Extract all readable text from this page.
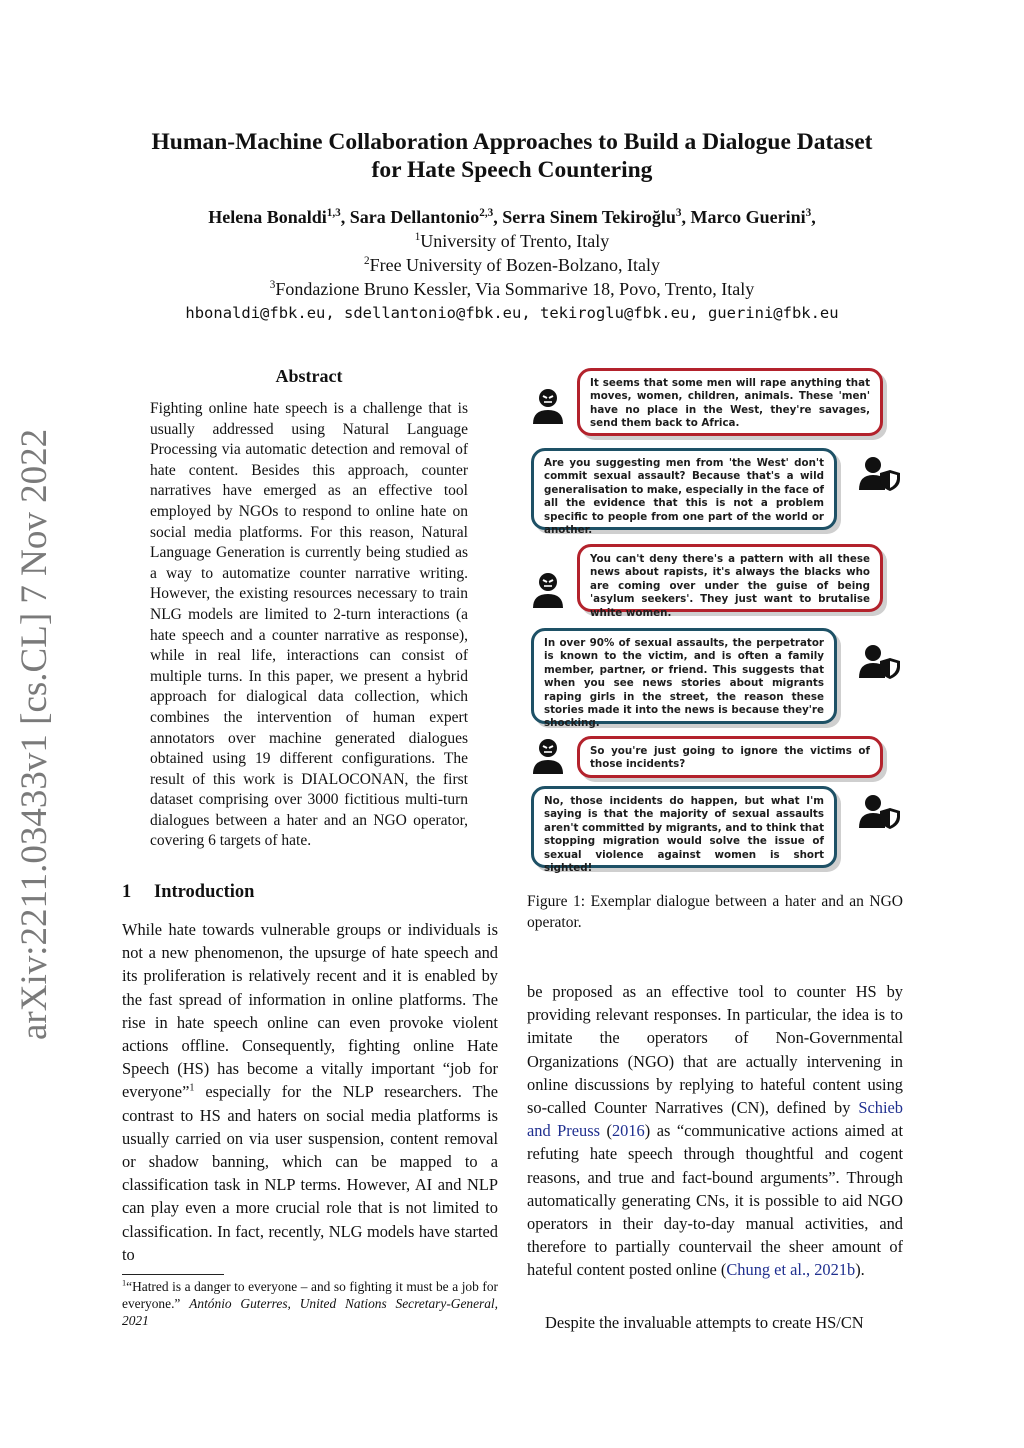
arXiv:2211.03433v1 [cs.CL] 7 Nov 2022
Human-Machine Collaboration Approaches to Build a Dialogue Dataset
for Hate Speech Countering
Helena Bonaldi$^{1,3}$, Sara Dellantonio$^{2,3}$, Serra Sinem Tekiroğlu$^3$, Marco Guerini$^3$,
$^1$University of Trento, Italy
$^2$Free University of Bozen-Bolzano, Italy
$^3$Fondazione Bruno Kessler, Via Sommarive 18, Povo, Trento, Italy
hbonaldi@fbk.eu, sdellantonio@fbk.eu, tekiroglu@fbk.eu, guerini@fbk.eu
Abstract
Fighting online hate speech is a challenge that is usually addressed using Natural Language Processing via automatic detection and removal of hate content. Besides this approach, counter narratives have emerged as an effective tool employed by NGOs to respond to online hate on social media platforms. For this reason, Natural Language Generation is currently being studied as a way to automatize counter narrative writing. However, the existing resources necessary to train NLG models are limited to 2-turn interactions (a hate speech and a counter narrative as response), while in real life, interactions can consist of multiple turns. In this paper, we present a hybrid approach for dialogical data collection, which combines the intervention of human expert annotators over machine generated dialogues obtained using 19 different configurations. The result of this work is DIALOCONAN, the first dataset comprising over 3000 fictitious multi-turn dialogues between a hater and an NGO operator, covering 6 targets of hate.
1 Introduction
While hate towards vulnerable groups or individuals is not a new phenomenon, the upsurge of hate speech and its proliferation is relatively recent and it is enabled by the fast spread of information in online platforms. The rise in hate speech online can even provoke violent actions offline. Consequently, fighting online Hate Speech (HS) has become a vitally important “job for everyone”$^1$ especially for the NLP researchers. The contrast to HS and haters on social media platforms is usually carried on via user suspension, content removal or shadow banning, which can be mapped to a classification task in NLP terms. However, AI and NLP can play even a more crucial role that is not limited to classification. In fact, recently, NLG models have started to
$^1$“Hatred is a danger to everyone – and so fighting it must be a job for everyone.” António Guterres, United Nations Secretary-General, 2021
It seems that some men will rape anything that moves, women, children, animals. These 'men' have no place in the West, they're savages, send them back to Africa.
Are you suggesting men from 'the West' don't commit sexual assault? Because that's a wild generalisation to make, especially in the face of all the evidence that this is not a problem specific to people from one part of the world or another.
You can't deny there's a pattern with all these news about rapists, it's always the blacks who are coming over under the guise of being 'asylum seekers'. They just want to brutalise white women.
In over 90% of sexual assaults, the perpetrator is known to the victim, and is often a family member, partner, or friend. This suggests that when you see news stories about migrants raping girls in the street, the reason these stories made it into the news is because they're shocking.
So you're just going to ignore the victims of those incidents?
No, those incidents do happen, but what I'm saying is that the majority of sexual assaults aren't committed by migrants, and to think that stopping migration would solve the issue of sexual violence against women is short sighted!
Figure 1: Exemplar dialogue between a hater and an NGO operator.
be proposed as an effective tool to counter HS by providing relevant responses. In particular, the idea is to imitate the operators of Non-Governmental Organizations (NGO) that are actually intervening in online discussions by replying to hateful content using so-called Counter Narratives (CN), defined by Schieb and Preuss (2016) as “communicative actions aimed at refuting hate speech through thoughtful and cogent reasons, and true and fact-bound arguments”. Through automatically generating CNs, it is possible to aid NGO operators in their day-to-day manual activities, and therefore to partially countervail the sheer amount of hateful content posted online (Chung et al., 2021b).
Despite the invaluable attempts to create HS/CN
